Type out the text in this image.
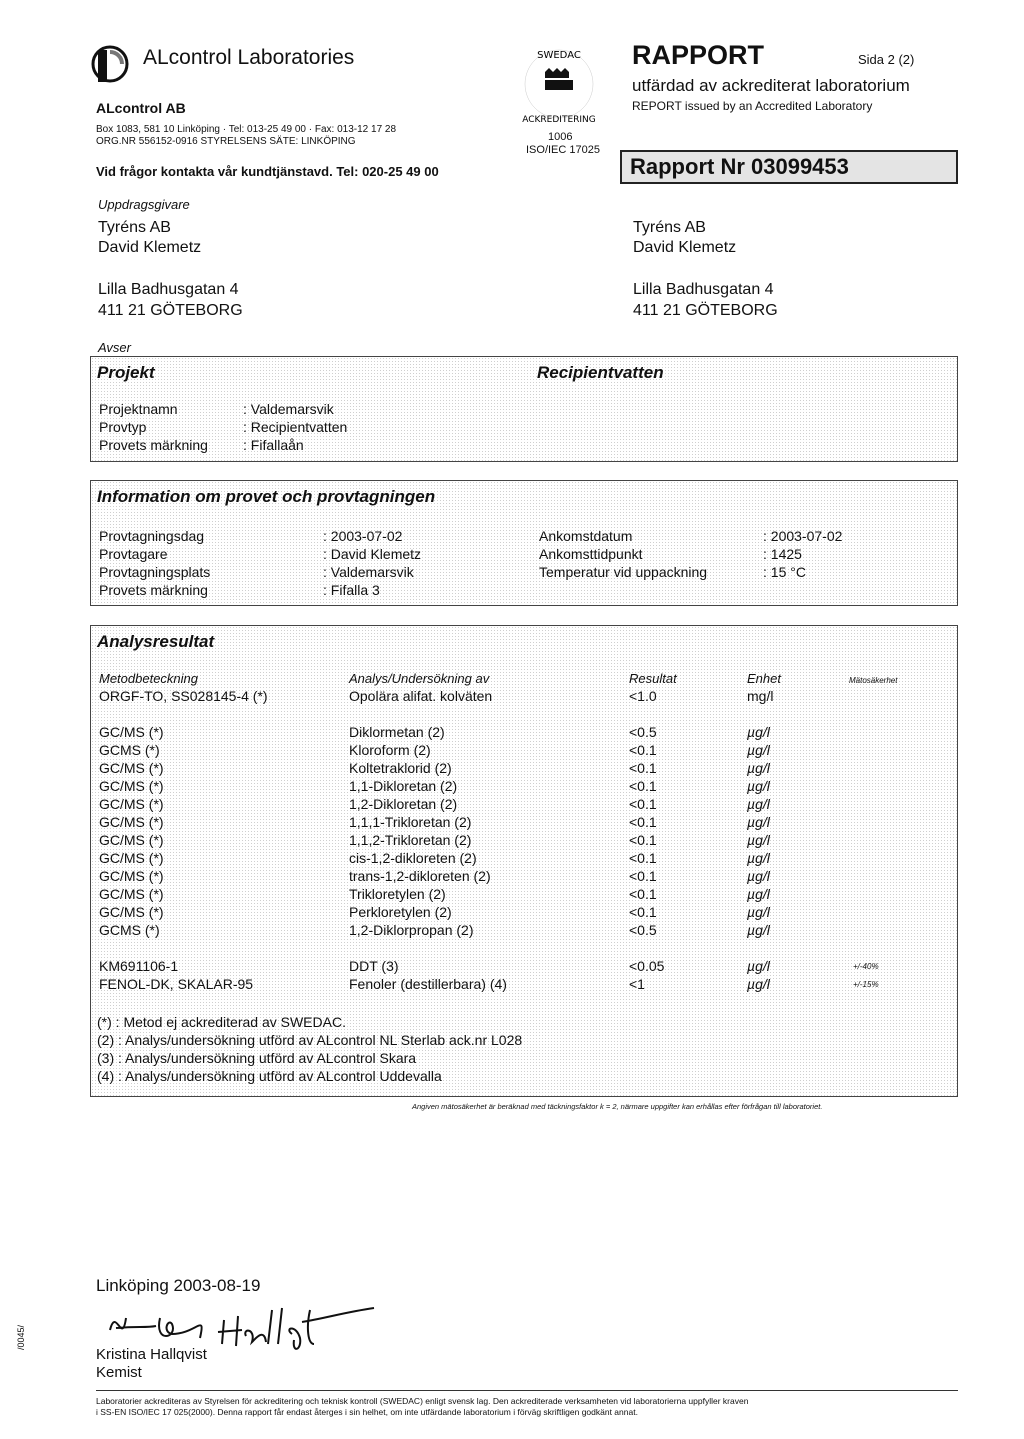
ALcontrol Laboratories
ALcontrol AB
Box 1083, 581 10 Linköping · Tel: 013-25 49 00 · Fax: 013-12 17 28
ORG.NR 556152-0916 STYRELSENS SÄTE: LINKÖPING
Vid frågor kontakta vår kundtjänstavd. Tel: 020-25 49 00
SWEDAC
ACKREDITERING
1006
ISO/IEC 17025
RAPPORT	Sida 2 (2)
utfärdad av ackrediterat laboratorium
REPORT issued by an Accredited Laboratory
Rapport Nr 03099453
Uppdragsgivare
Tyréns AB
David Klemetz
Lilla Badhusgatan 4
411 21 GÖTEBORG
Tyréns AB
David Klemetz
Lilla Badhusgatan 4
411 21 GÖTEBORG
Avser
Projekt	Recipientvatten
Projektnamn	: Valdemarsvik
Provtyp	: Recipientvatten
Provets märkning	: Fifallaån
Information om provet och provtagningen
Provtagningsdag	: 2003-07-02
Provtagare	: David Klemetz
Provtagningsplats	: Valdemarsvik
Provets märkning	: Fifalla 3
Ankomstdatum	: 2003-07-02
Ankomsttidpunkt	: 1425
Temperatur vid uppackning	: 15 °C
Analysresultat
Metodbeteckning	Analys/Undersökning av	Resultat	Enhet	Mätosäkerhet
ORGF-TO, SS028145-4 (*)	Opolära alifat. kolväten	<1.0	mg/l
GC/MS (*)	Diklormetan (2)	<0.5	µg/l
GCMS (*)	Kloroform (2)	<0.1	µg/l
GC/MS (*)	Koltetraklorid (2)	<0.1	µg/l
GC/MS (*)	1,1-Dikloretan (2)	<0.1	µg/l
GC/MS (*)	1,2-Dikloretan (2)	<0.1	µg/l
GC/MS (*)	1,1,1-Trikloretan (2)	<0.1	µg/l
GC/MS (*)	1,1,2-Trikloretan (2)	<0.1	µg/l
GC/MS (*)	cis-1,2-dikloreten (2)	<0.1	µg/l
GC/MS (*)	trans-1,2-dikloreten (2)	<0.1	µg/l
GC/MS (*)	Trikloretylen (2)	<0.1	µg/l
GC/MS (*)	Perkloretylen (2)	<0.1	µg/l
GCMS (*)	1,2-Diklorpropan (2)	<0.5	µg/l
KM691106-1	DDT (3)	<0.05	µg/l	+/-40%
FENOL-DK, SKALAR-95	Fenoler (destillerbara) (4)	<1	µg/l	+/-15%
(*) : Metod ej ackrediterad av SWEDAC.
(2) : Analys/undersökning utförd av ALcontrol NL Sterlab ack.nr L028
(3) : Analys/undersökning utförd av ALcontrol Skara
(4) : Analys/undersökning utförd av ALcontrol Uddevalla
Angiven mätosäkerhet är beräknad med täckningsfaktor k = 2, närmare uppgifter kan erhållas efter förfrågan till laboratoriet.
Linköping 2003-08-19
Kristina Hallqvist
Kemist
/0045/
Laboratorier ackrediteras av Styrelsen för ackreditering och teknisk kontroll (SWEDAC) enligt svensk lag. Den ackrediterade verksamheten vid laboratorierna uppfyller kraven
i SS-EN ISO/IEC 17 025(2000). Denna rapport får endast återges i sin helhet, om inte utfärdande laboratorium i förväg skriftligen godkänt annat.
